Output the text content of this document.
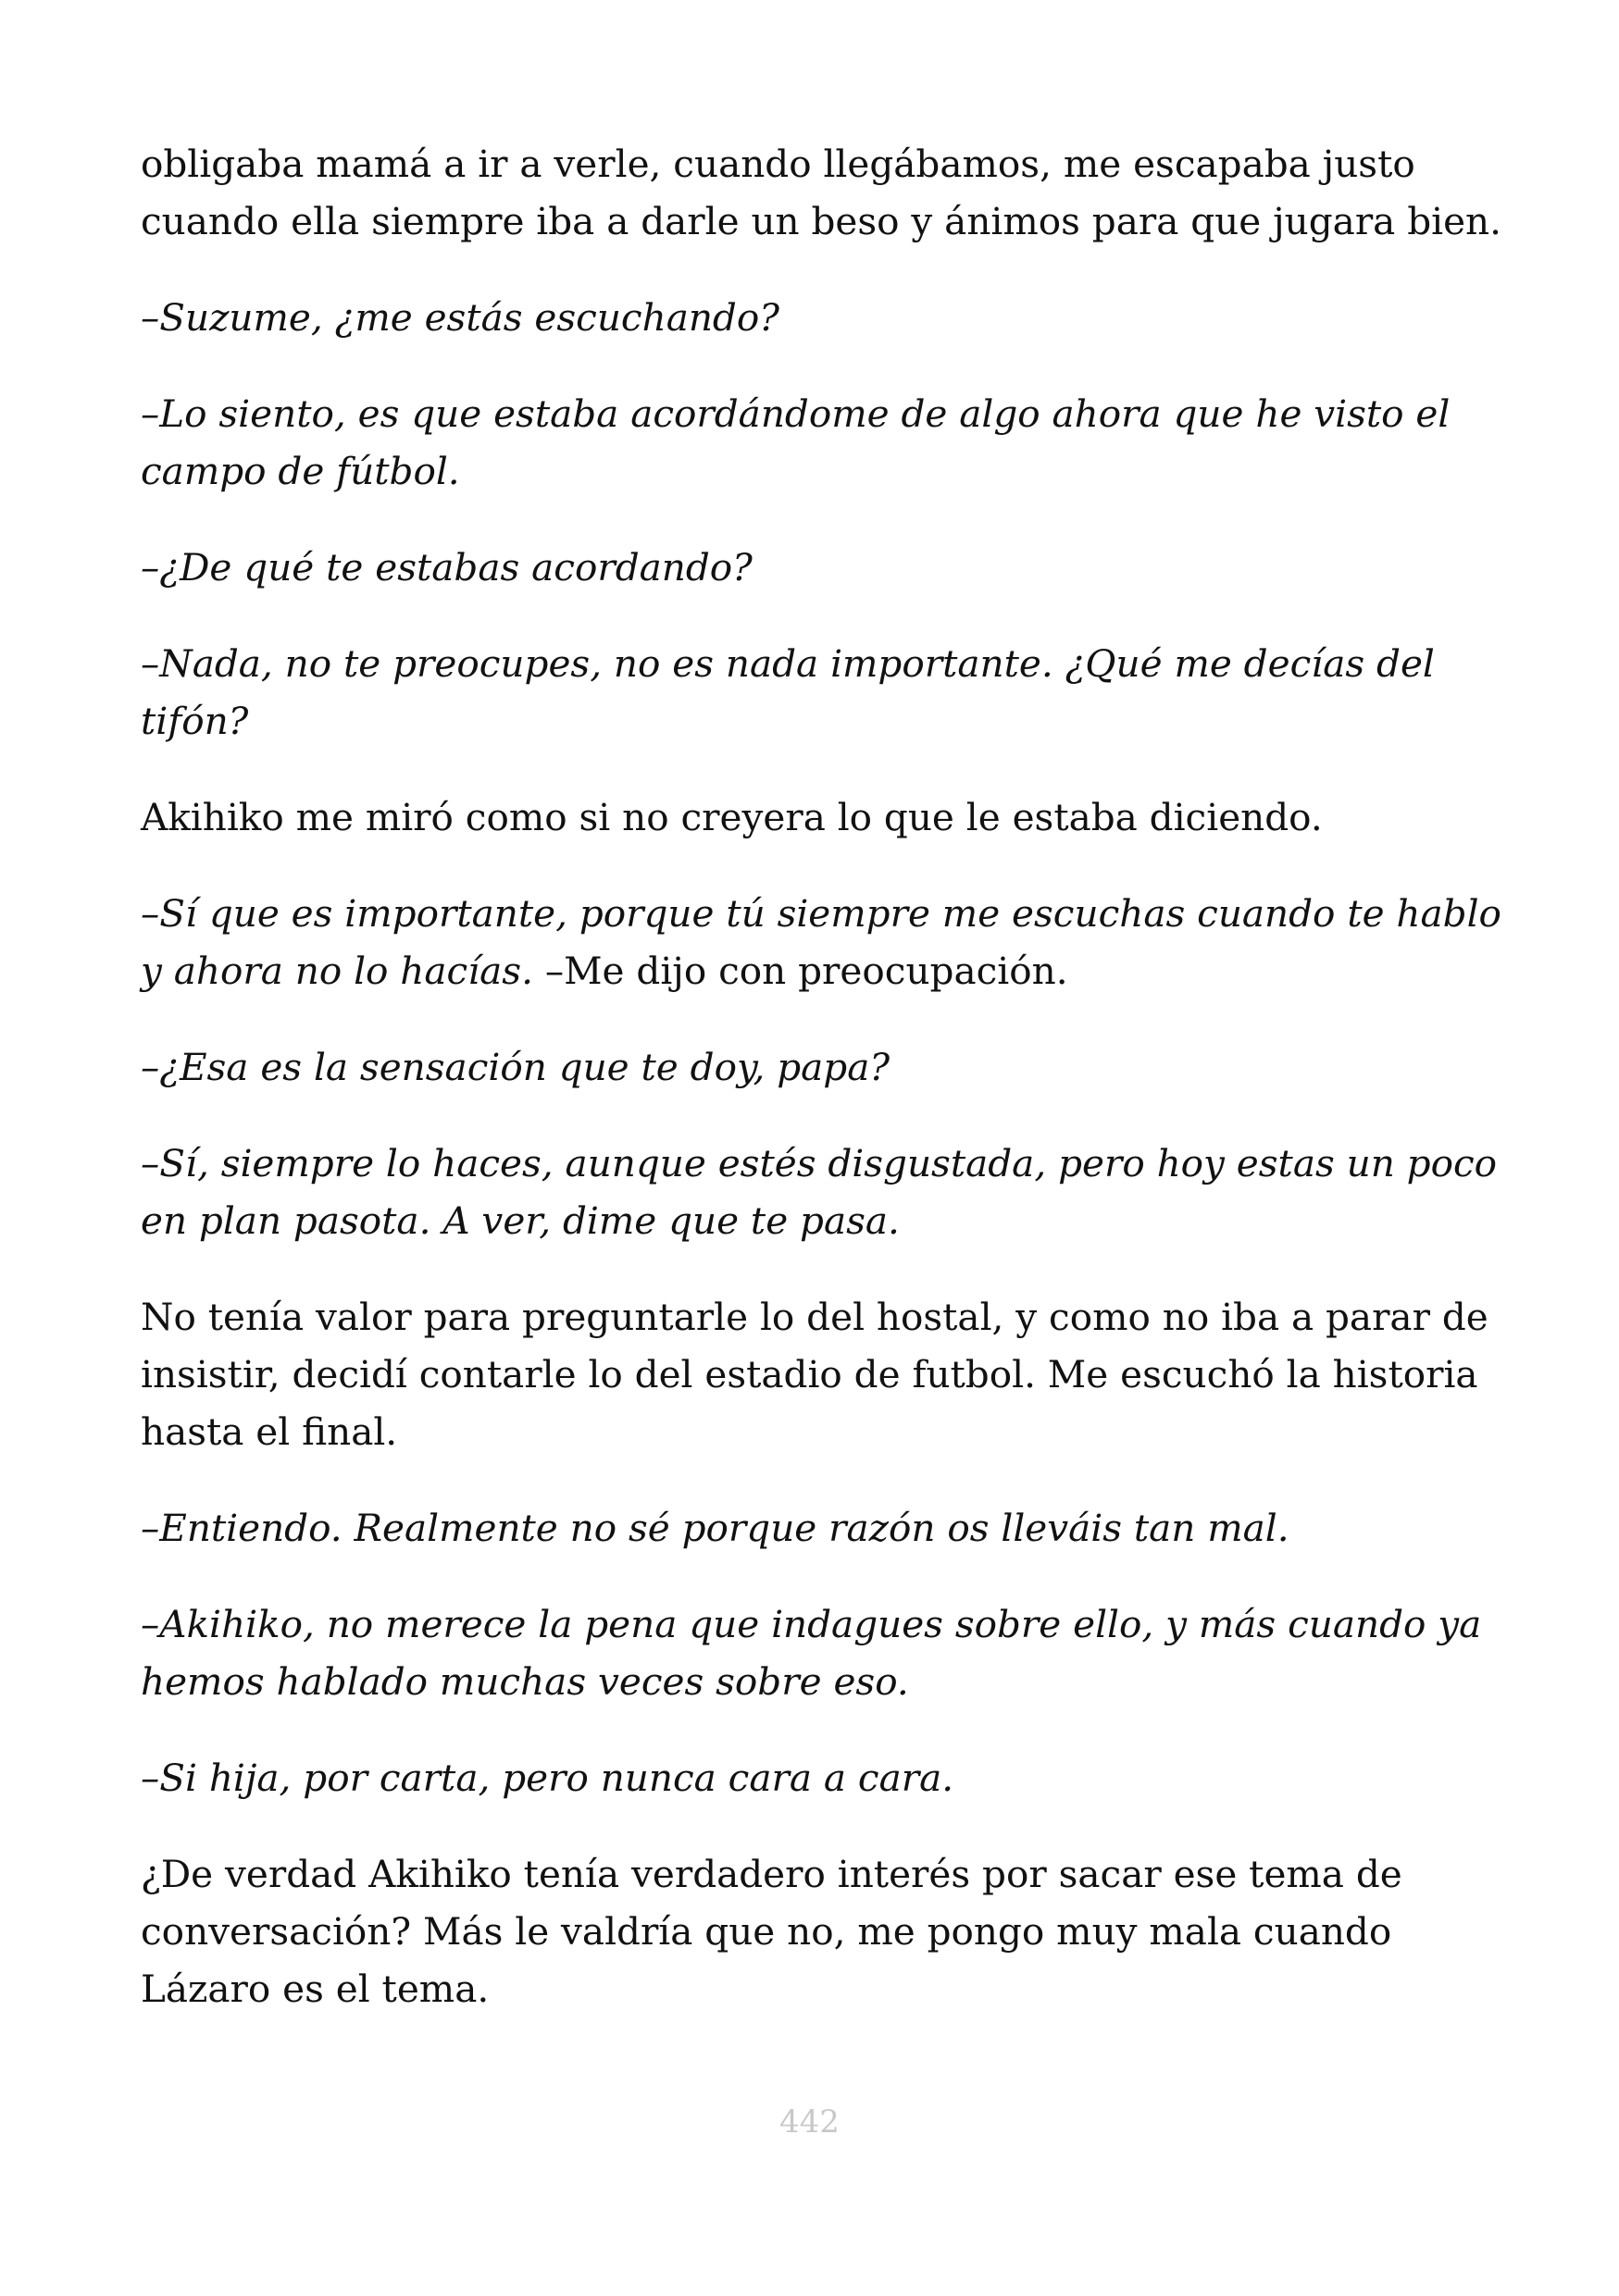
obligaba mamá a ir a verle, cuando llegábamos, me escapaba justo cuando ella siempre iba a darle un beso y ánimos para que jugara bien.

–Suzume, ¿me estás escuchando?

–Lo siento, es que estaba acordándome de algo ahora que he visto el campo de fútbol.

–¿De qué te estabas acordando?

–Nada, no te preocupes, no es nada importante. ¿Qué me decías del tifón?

Akihiko me miró como si no creyera lo que le estaba diciendo.

–Sí que es importante, porque tú siempre me escuchas cuando te hablo y ahora no lo hacías. –Me dijo con preocupación.

–¿Esa es la sensación que te doy, papa?

–Sí, siempre lo haces, aunque estés disgustada, pero hoy estas un poco en plan pasota. A ver, dime que te pasa.

No tenía valor para preguntarle lo del hostal, y como no iba a parar de insistir, decidí contarle lo del estadio de futbol. Me escuchó la historia hasta el final.

–Entiendo. Realmente no sé porque razón os lleváis tan mal.

–Akihiko, no merece la pena que indagues sobre ello, y más cuando ya hemos hablado muchas veces sobre eso.

–Si hija, por carta, pero nunca cara a cara.

¿De verdad Akihiko tenía verdadero interés por sacar ese tema de conversación? Más le valdría que no, me pongo muy mala cuando Lázaro es el tema.

442
